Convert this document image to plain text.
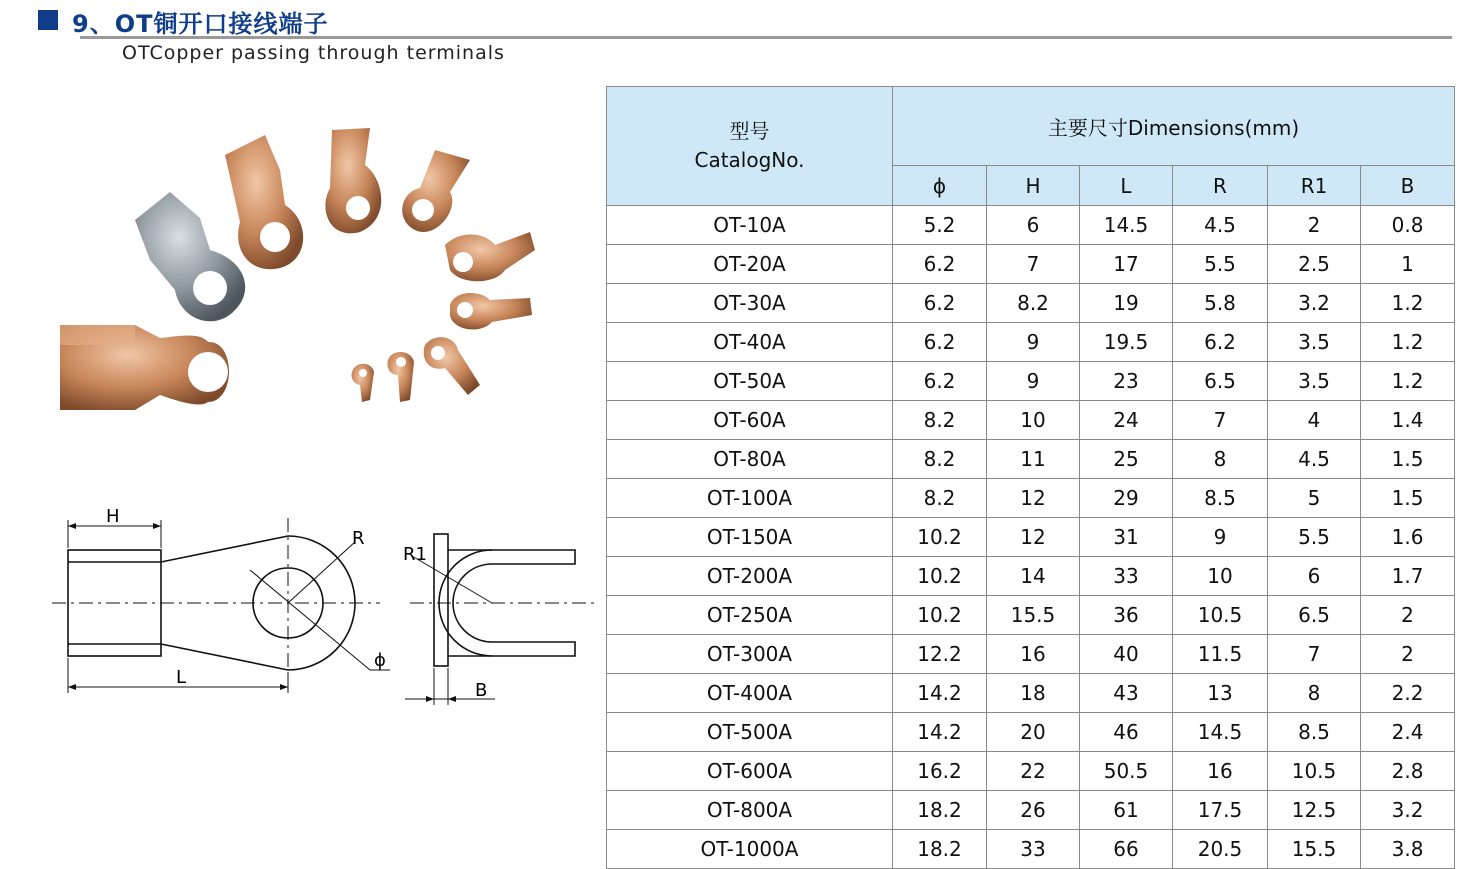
9、OT铜开口接线端子
OTCopper passing through terminals
H
L
R
ϕ
R1
B
型号
CatalogNo.	主要尺寸Dimensions(mm)					
	ϕ	H	L	R	R1	B
OT-10A	5.2	6	14.5	4.5	2	0.8
OT-20A	6.2	7	17	5.5	2.5	1
OT-30A	6.2	8.2	19	5.8	3.2	1.2
OT-40A	6.2	9	19.5	6.2	3.5	1.2
OT-50A	6.2	9	23	6.5	3.5	1.2
OT-60A	8.2	10	24	7	4	1.4
OT-80A	8.2	11	25	8	4.5	1.5
OT-100A	8.2	12	29	8.5	5	1.5
OT-150A	10.2	12	31	9	5.5	1.6
OT-200A	10.2	14	33	10	6	1.7
OT-250A	10.2	15.5	36	10.5	6.5	2
OT-300A	12.2	16	40	11.5	7	2
OT-400A	14.2	18	43	13	8	2.2
OT-500A	14.2	20	46	14.5	8.5	2.4
OT-600A	16.2	22	50.5	16	10.5	2.8
OT-800A	18.2	26	61	17.5	12.5	3.2
OT-1000A	18.2	33	66	20.5	15.5	3.8
